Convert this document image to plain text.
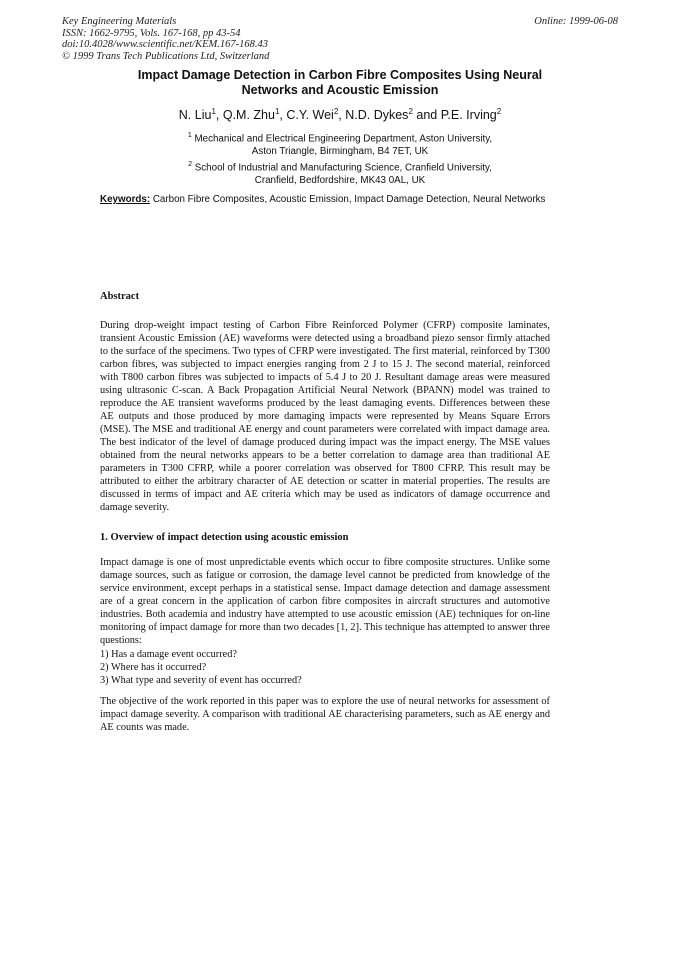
Key Engineering Materials
ISSN: 1662-9795, Vols. 167-168, pp 43-54
doi:10.4028/www.scientific.net/KEM.167-168.43
© 1999 Trans Tech Publications Ltd, Switzerland
Online: 1999-06-08
Impact Damage Detection in Carbon Fibre Composites Using Neural
Networks and Acoustic Emission
N. Liu$^1$, Q.M. Zhu$^1$, C.Y. Wei$^2$, N.D. Dykes$^2$ and P.E. Irving$^2$
$^1$ Mechanical and Electrical Engineering Department, Aston University,
Aston Triangle, Birmingham, B4 7ET, UK
$^2$ School of Industrial and Manufacturing Science, Cranfield University,
Cranfield, Bedfordshire, MK43 0AL, UK
Keywords: Carbon Fibre Composites, Acoustic Emission, Impact Damage Detection, Neural Networks
Abstract

During drop-weight impact testing of Carbon Fibre Reinforced Polymer (CFRP) composite laminates, transient Acoustic Emission (AE) waveforms were detected using a broadband piezo sensor firmly attached to the surface of the specimens. Two types of CFRP were investigated. The first material, reinforced by T300 carbon fibres, was subjected to impact energies ranging from 2 J to 15 J. The second material, reinforced with T800 carbon fibres was subjected to impacts of 5.4 J to 20 J. Resultant damage areas were measured using ultrasonic C-scan. A Back Propagation Artificial Neural Network (BPANN) model was trained to reproduce the AE transient waveforms produced by the least damaging events. Differences between these AE outputs and those produced by more damaging impacts were represented by Means Square Errors (MSE). The MSE and traditional AE energy and count parameters were correlated with impact damage area. The best indicator of the level of damage produced during impact was the impact energy. The MSE values obtained from the neural networks appears to be a better correlation to damage area than traditional AE parameters in T300 CFRP, while a poorer correlation was observed for T800 CFRP. This result may be attributed to either the arbitrary character of AE detection or scatter in material properties. The results are discussed in terms of impact and AE criteria which may be used as indicators of damage occurrence and damage severity.

1. Overview of impact detection using acoustic emission

Impact damage is one of most unpredictable events which occur to fibre composite structures. Unlike some damage sources, such as fatigue or corrosion, the damage level cannot be predicted from knowledge of the service environment, except perhaps in a statistical sense. Impact damage detection and damage assessment are of a great concern in the application of carbon fibre composites in aircraft structures and automotive industries. Both academia and industry have attempted to use acoustic emission (AE) techniques for on-line monitoring of impact damage for more than two decades [1, 2]. This technique has attempted to answer three questions:

1) Has a damage event occurred?
2) Where has it occurred?
3) What type and severity of event has occurred?

The objective of the work reported in this paper was to explore the use of neural networks for assessment of impact damage severity. A comparison with traditional AE characterising parameters, such as AE energy and AE counts was made.
